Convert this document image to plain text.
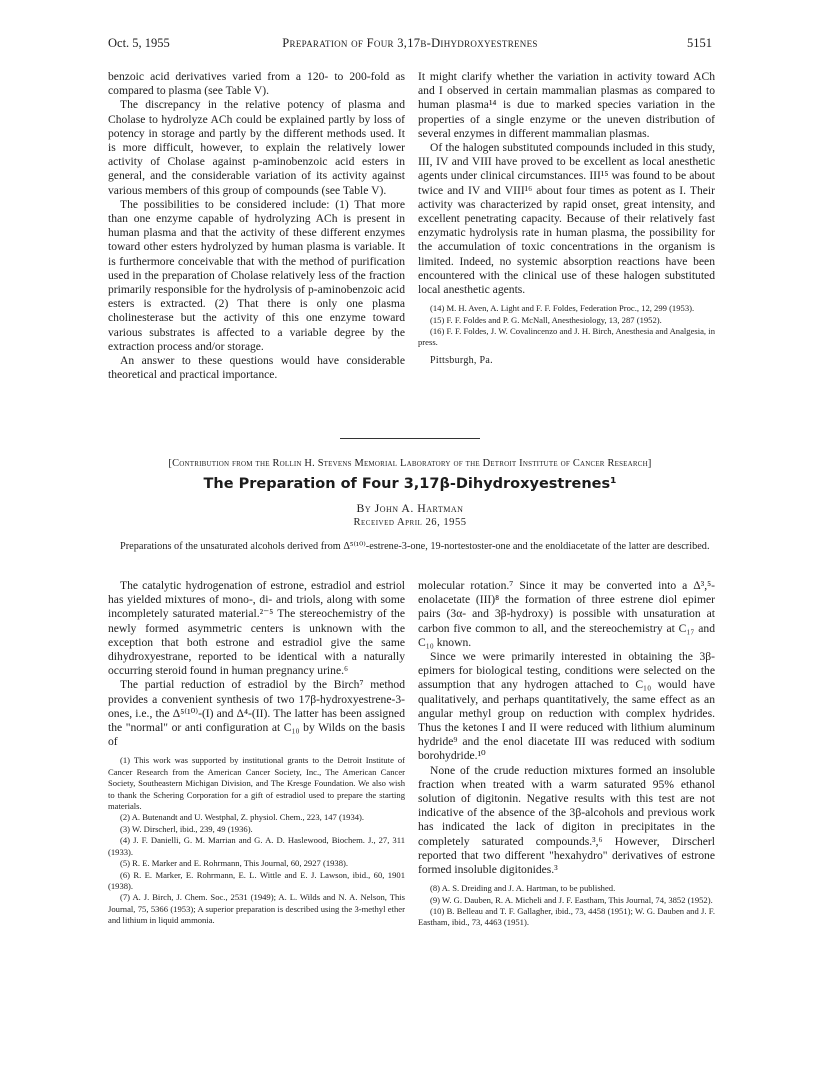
Oct. 5, 1955	Preparation of Four 3,17β-Dihydroxyestrenes	5151

benzoic acid derivatives varied from a 120- to 200-fold as compared to plasma (see Table V).

The discrepancy in the relative potency of plasma and Cholase to hydrolyze ACh could be explained partly by loss of potency in storage and partly by the different methods used. It is more difficult, however, to explain the relatively lower activity of Cholase against p-aminobenzoic acid esters in general, and the considerable variation of its activity against various members of this group of compounds (see Table V).

The possibilities to be considered include: (1) That more than one enzyme capable of hydrolyzing ACh is present in human plasma and that the activity of these different enzymes toward other esters hydrolyzed by human plasma is variable. It is furthermore conceivable that with the method of purification used in the preparation of Cholase relatively less of the fraction primarily responsible for the hydrolysis of p-aminobenzoic acid esters is extracted. (2) That there is only one plasma cholinesterase but the activity of this one enzyme toward various substrates is affected to a variable degree by the extraction process and/or storage.

An answer to these questions would have considerable theoretical and practical importance.

It might clarify whether the variation in activity toward ACh and I observed in certain mammalian plasmas as compared to human plasma¹⁴ is due to marked species variation in the properties of a single enzyme or the uneven distribution of several enzymes in different mammalian plasmas.

Of the halogen substituted compounds included in this study, III, IV and VIII have proved to be excellent as local anesthetic agents under clinical circumstances. III¹⁵ was found to be about twice and IV and VIII¹⁶ about four times as potent as I. Their activity was characterized by rapid onset, great intensity, and excellent penetrating capacity. Because of their relatively fast enzymatic hydrolysis rate in human plasma, the possibility for the accumulation of toxic concentrations in the organism is limited. Indeed, no systemic absorption reactions have been encountered with the clinical use of these halogen substituted local anesthetic agents.

(14) M. H. Aven, A. Light and F. F. Foldes, Federation Proc., 12, 299 (1953).

(15) F. F. Foldes and P. G. McNall, Anesthesiology, 13, 287 (1952).

(16) F. F. Foldes, J. W. Covalincenzo and J. H. Birch, Anesthesia and Analgesia, in press.

Pittsburgh, Pa.
[Contribution from the Rollin H. Stevens Memorial Laboratory of the Detroit Institute of Cancer Research]
The Preparation of Four 3,17β-Dihydroxyestrenes¹
By John A. Hartman
Received April 26, 1955
Preparations of the unsaturated alcohols derived from Δ⁵⁽¹⁰⁾-estrene-3-one, 19-nortestoster-one and the enoldiacetate of the latter are described.

The catalytic hydrogenation of estrone, estradiol and estriol has yielded mixtures of mono-, di- and triols, along with some incompletely saturated material.²⁻⁵ The stereochemistry of the newly formed asymmetric centers is unknown with the exception that both estrone and estradiol give the same dihydroxyestrane, reported to be identical with a naturally occurring steroid found in human pregnancy urine.⁶

The partial reduction of estradiol by the Birch⁷ method provides a convenient synthesis of two 17β-hydroxyestrene-3-ones, i.e., the Δ⁵⁽¹⁰⁾-(I) and Δ⁴-(II). The latter has been assigned the "normal" or anti configuration at C₁₀ by Wilds on the basis of

(1) This work was supported by institutional grants to the Detroit Institute of Cancer Research from the American Cancer Society, Inc., The American Cancer Society, Southeastern Michigan Division, and The Kresge Foundation. We also wish to thank the Schering Corporation for a gift of estradiol used to prepare the starting materials.

(2) A. Butenandt and U. Westphal, Z. physiol. Chem., 223, 147 (1934).

(3) W. Dirscherl, ibid., 239, 49 (1936).

(4) J. F. Danielli, G. M. Marrian and G. A. D. Haslewood, Biochem. J., 27, 311 (1933).

(5) R. E. Marker and E. Rohrmann, This Journal, 60, 2927 (1938).

(6) R. E. Marker, E. Rohrmann, E. L. Wittle and E. J. Lawson, ibid., 60, 1901 (1938).

(7) A. J. Birch, J. Chem. Soc., 2531 (1949); A. L. Wilds and N. A. Nelson, This Journal, 75, 5366 (1953); A superior preparation is described using the 3-methyl ether and lithium in liquid ammonia.

molecular rotation.⁷ Since it may be converted into a Δ³,⁵-enolacetate (III)⁸ the formation of three estrene diol epimer pairs (3α- and 3β-hydroxy) is possible with unsaturation at carbon five common to all, and the stereochemistry at C₁₇ and C₁₀ known.

Since we were primarily interested in obtaining the 3β-epimers for biological testing, conditions were selected on the assumption that any hydrogen attached to C₁₀ would have qualitatively, and perhaps quantitatively, the same effect as an angular methyl group on reduction with complex hydrides. Thus the ketones I and II were reduced with lithium aluminum hydride⁹ and the enol diacetate III was reduced with sodium borohydride.¹⁰

None of the crude reduction mixtures formed an insoluble fraction when treated with a warm saturated 95% ethanol solution of digitonin. Negative results with this test are not indicative of the absence of the 3β-alcohols and previous work has indicated the lack of digiton in precipitates in the completely saturated compounds.³,⁶ However, Dirscherl reported that two different "hexahydro" derivatives of estrone formed insoluble digitonides.³

(8) A. S. Dreiding and J. A. Hartman, to be published.

(9) W. G. Dauben, R. A. Micheli and J. F. Eastham, This Journal, 74, 3852 (1952).

(10) B. Belleau and T. F. Gallagher, ibid., 73, 4458 (1951); W. G. Dauben and J. F. Eastham, ibid., 73, 4463 (1951).
